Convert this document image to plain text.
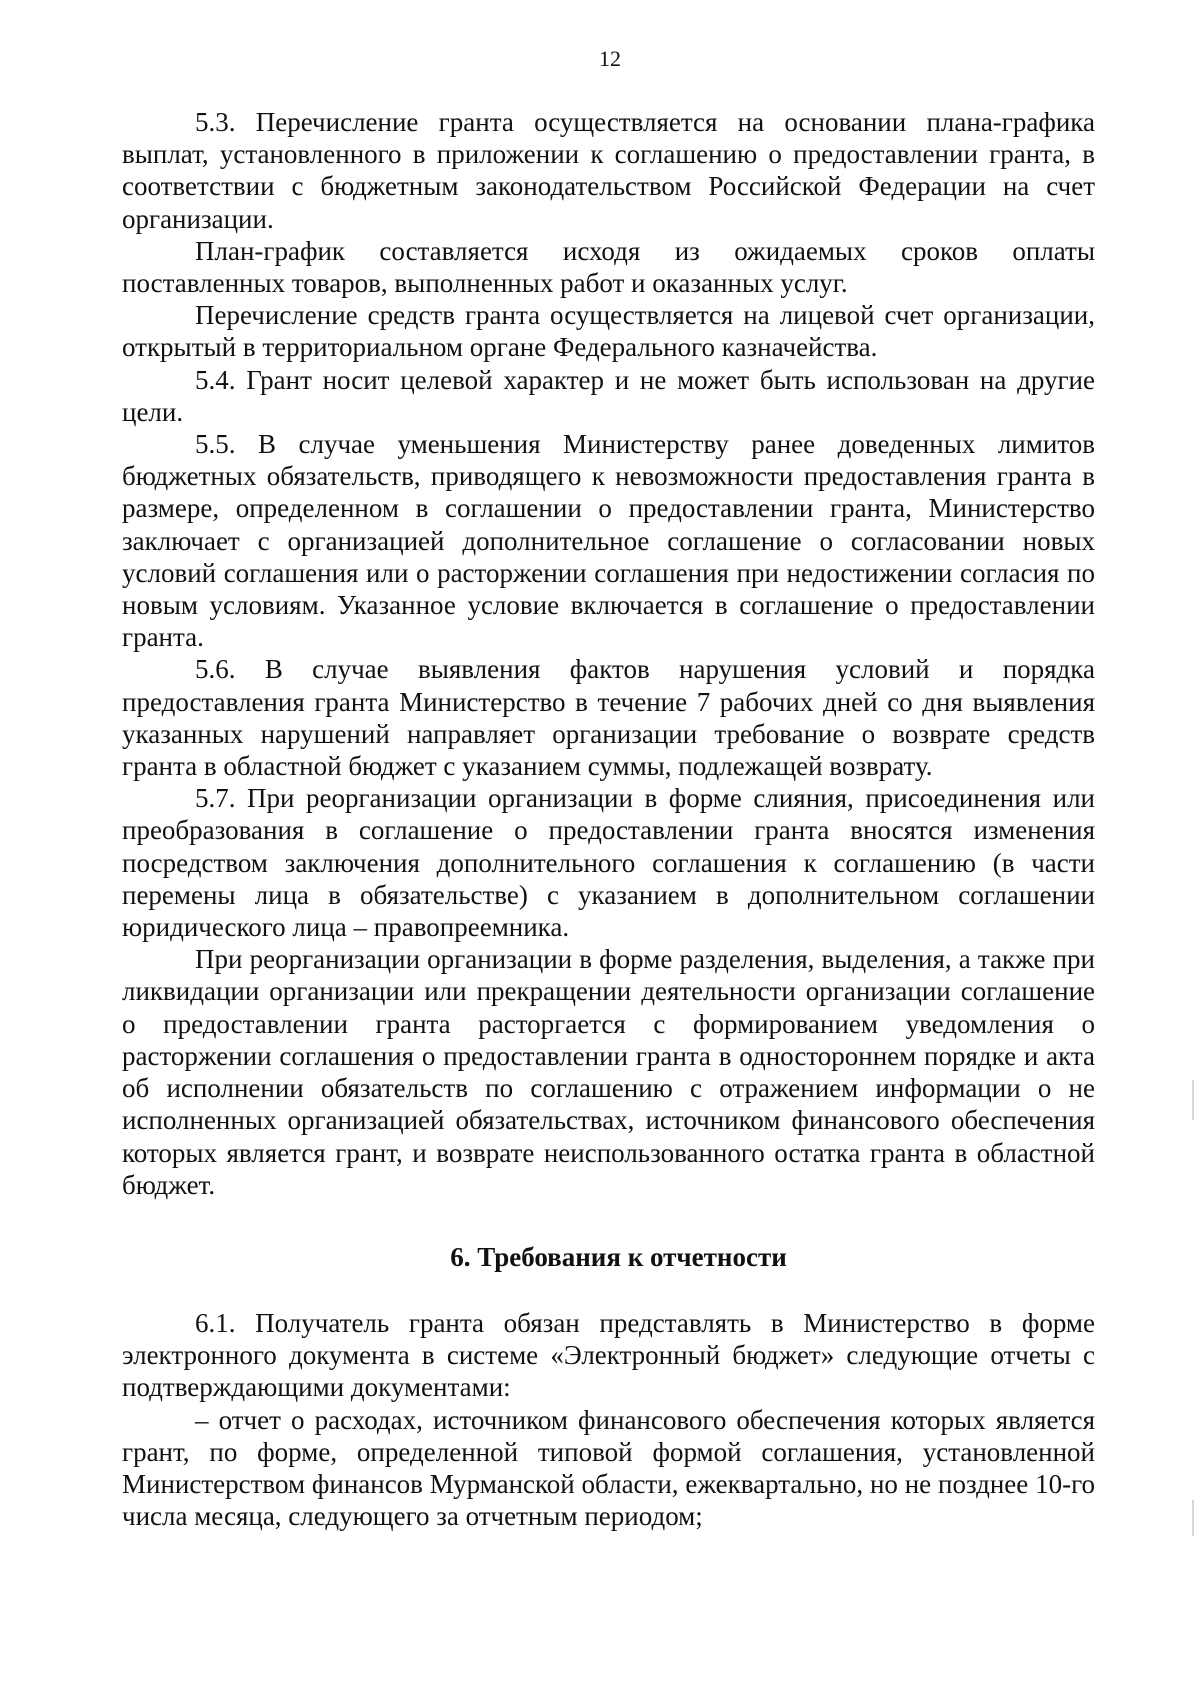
12

5.3. Перечисление гранта осуществляется на основании плана-графика выплат, установленного в приложении к соглашению о предоставлении гранта, в соответствии с бюджетным законодательством Российской Федерации на счет организации.

План-график составляется исходя из ожидаемых сроков оплаты поставленных товаров, выполненных работ и оказанных услуг.

Перечисление средств гранта осуществляется на лицевой счет организации, открытый в территориальном органе Федерального казначейства.

5.4. Грант носит целевой характер и не может быть использован на другие цели.

5.5. В случае уменьшения Министерству ранее доведенных лимитов бюджетных обязательств, приводящего к невозможности предоставления гранта в размере, определенном в соглашении о предоставлении гранта, Министерство заключает с организацией дополнительное соглашение о согласовании новых условий соглашения или о расторжении соглашения при недостижении согласия по новым условиям. Указанное условие включается в соглашение о предоставлении гранта.

5.6. В случае выявления фактов нарушения условий и порядка предоставления гранта Министерство в течение 7 рабочих дней со дня выявления указанных нарушений направляет организации требование о возврате средств гранта в областной бюджет с указанием суммы, подлежащей возврату.

5.7. При реорганизации организации в форме слияния, присоединения или преобразования в соглашение о предоставлении гранта вносятся изменения посредством заключения дополнительного соглашения к соглашению (в части перемены лица в обязательстве) с указанием в дополнительном соглашении юридического лица – правопреемника.

При реорганизации организации в форме разделения, выделения, а также при ликвидации организации или прекращении деятельности организации соглашение о предоставлении гранта расторгается с формированием уведомления о расторжении соглашения о предоставлении гранта в одностороннем порядке и акта об исполнении обязательств по соглашению с отражением информации о не исполненных организацией обязательствах, источником финансового обеспечения которых является грант, и возврате неиспользованного остатка гранта в областной бюджет.

6. Требования к отчетности

6.1. Получатель гранта обязан представлять в Министерство в форме электронного документа в системе «Электронный бюджет» следующие отчеты с подтверждающими документами:

– отчет о расходах, источником финансового обеспечения которых является грант, по форме, определенной типовой формой соглашения, установленной Министерством финансов Мурманской области, ежеквартально, но не позднее 10-го числа месяца, следующего за отчетным периодом;
